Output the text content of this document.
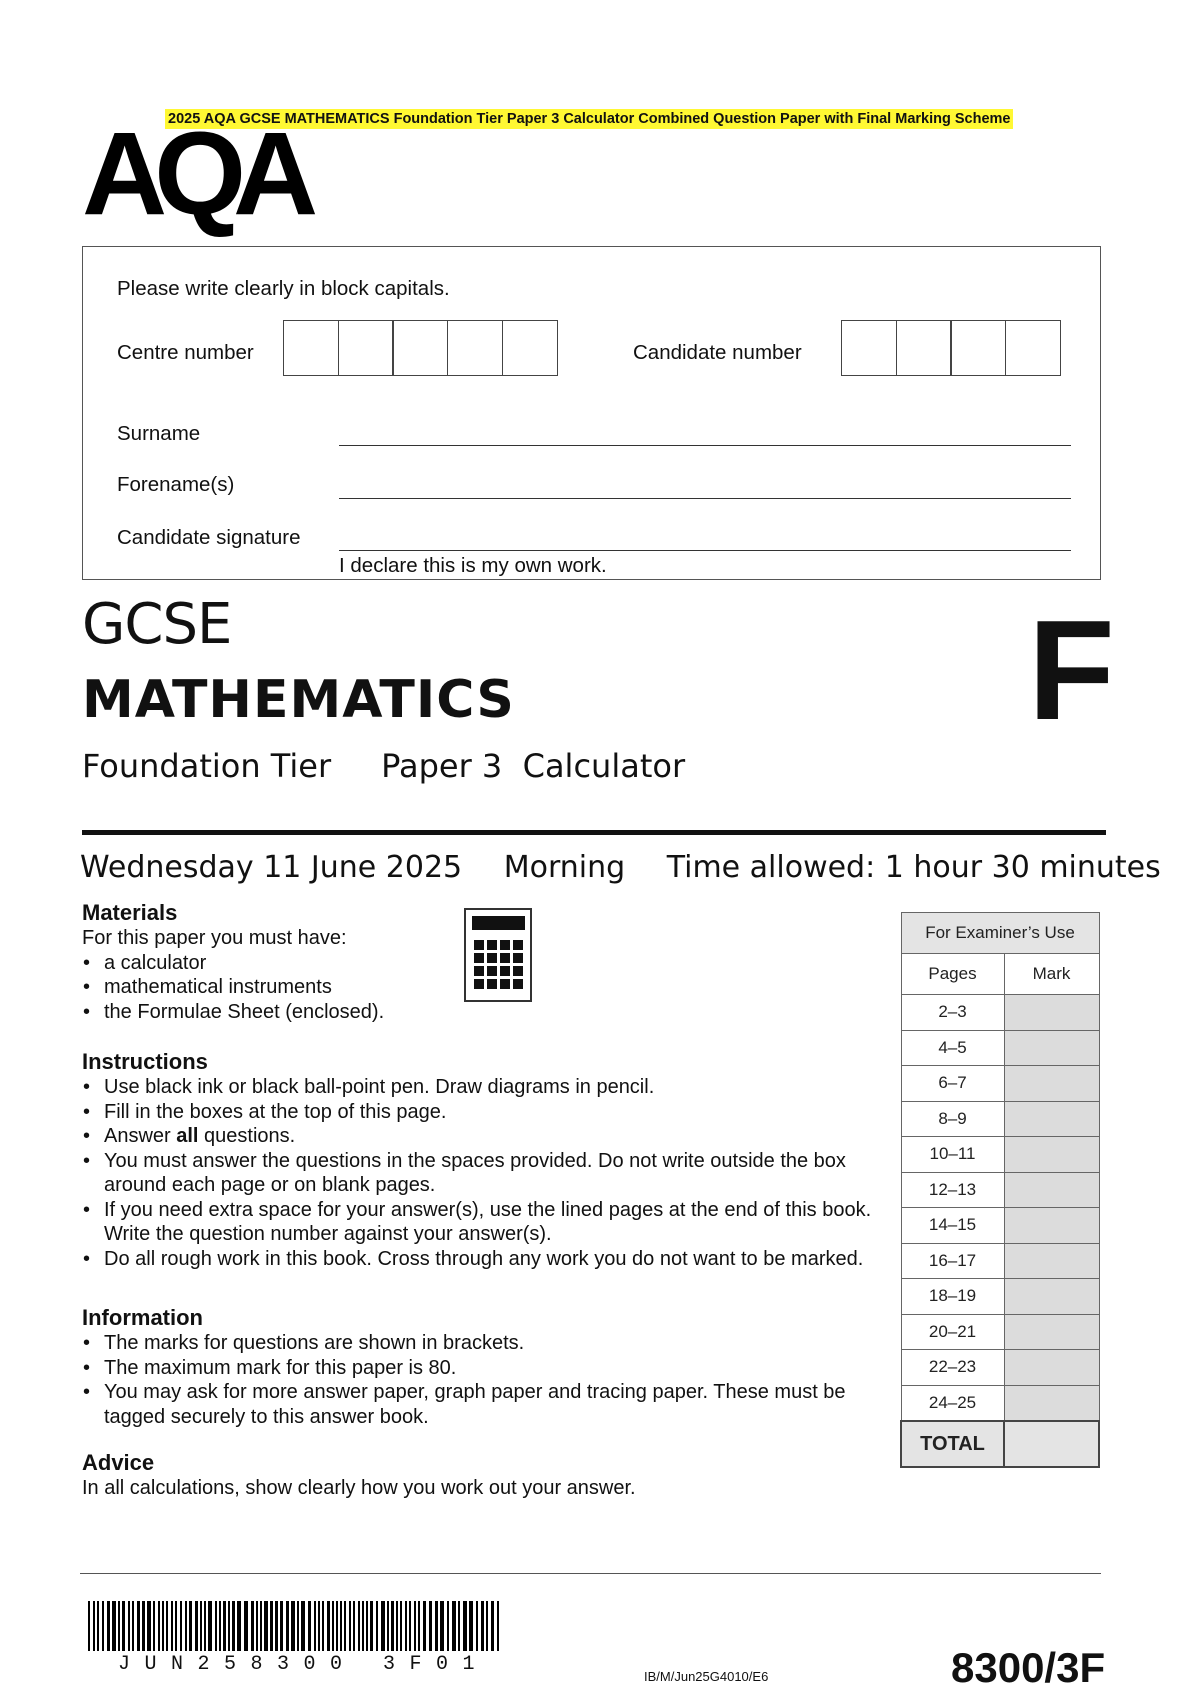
2025 AQA GCSE MATHEMATICS Foundation Tier Paper 3 Calculator Combined Question Paper with Final Marking Scheme
AQA
Please write clearly in block capitals.
Centre number	Candidate number
Surname
Forename(s)
Candidate signature
I declare this is my own work.
GCSE
MATHEMATICS
Foundation Tier Paper 3  Calculator
F
Wednesday 11 June 2025 Morning Time allowed: 1 hour 30 minutes
Materials
For this paper you must have:
• a calculator
• mathematical instruments
• the Formulae Sheet (enclosed).
Instructions
• Use black ink or black ball-point pen. Draw diagrams in pencil.
• Fill in the boxes at the top of this page.
• Answer all questions.
• You must answer the questions in the spaces provided. Do not write outside the box around each page or on blank pages.
• If you need extra space for your answer(s), use the lined pages at the end of this book. Write the question number against your answer(s).
• Do all rough work in this book. Cross through any work you do not want to be marked.
Information
• The marks for questions are shown in brackets.
• The maximum mark for this paper is 80.
• You may ask for more answer paper, graph paper and tracing paper. These must be tagged securely to this answer book.
Advice
In all calculations, show clearly how you work out your answer.
For Examiner’s Use	
Pages	Mark
2–3	
4–5	
6–7	
8–9	
10–11	
12–13	
14–15	
16–17	
18–19	
20–21	
22–23	
24–25	
TOTAL	
JUN258300 3F01
IB/M/Jun25G4010/E6	8300/3F
